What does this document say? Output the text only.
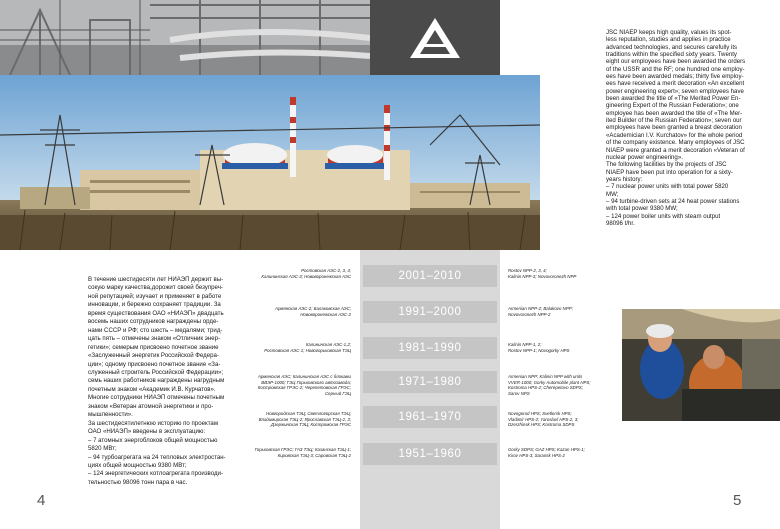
В течение шестидесяти лет НИАЭП держит вы-
сокую марку качества,дорожит своей безупреч-
ной репутацией; изучает и применяет в работе
инновации, и бережно сохраняет традиции. За
время существования ОАО «НИАЭП» двадцать
восемь наших сотрудников награждены орде-
нами СССР и РФ; сто шесть – медалями; трид-
цать пять – отмечены знаком «Отличник энер-
гетики»; семерым присвоено почетное звание
«Заслуженный энергетик Российской Федера-
ции»; одному присвоено почетное звание «За-
служенный строитель Российской Федерации»;
семь наших работников награждены нагрудным
почетным знаком «Академик И.В. Курчатов».
Многие сотрудники НИАЭП отмечены почетным
знаком «Ветеран атомной энергетики и про-
мышленности».
За шестидесятилетнюю историю по проектам
ОАО «НИАЭП» введены в эксплуатацию:
– 7 атомных энергоблоков общей мощностью
5820 МВт;
– 94 турбоагрегата на 24 тепловых электростан-
циях общей мощностью 9380 МВт;
– 124 энергетических котлоагрегата производи-
тельностью 98096 тонн пара в час.
JSC NIAEP keeps high quality, values its spot-
less reputation, studies and applies in practice
advanced technologies, and secures carefully its
traditions within the specified sixty years. Twenty
eight our employees have been awarded the orders
of the USSR and the RF; one hundred one employ-
ees have been awarded medals; thirty five employ-
ees have received a merit decoration «An excellent
power engineering expert»; seven employees have
been awarded the title of «The Merited Power En-
gineering Expert of the Russian Federation»; one
employee has been awarded the title of «The Mer-
ited Builder of the Russian Federation»; seven our
employees have been granted a breast decoration
«Academician I.V. Kurchatov» for the whole period
of the company existence. Many employees of JSC
NIAEP were granted a merit decoration «Veteran of
nuclear power engineering».
The following facilities by the projects of JSC
NIAEP have been put into operation for a sixty-
years history:
– 7 nuclear power units with total power 5820
MW;
– 94 turbine-driven sets at 24 heat power stations
with total power 9380 MW;
– 124 power boiler units with steam output
98096 t/hr.
2001–2010
Ростовская АЭС-2, 3, 4;
Калининская АЭС-3; Нововоронежская АЭС
Rostov NPP-2, 3, 4;
Kalinin NPP-3; Novovoronezh NPP
1991–2000
Армянская АЭС-2; Балаковская АЭС;
Нововоронежская АЭС-2
Armenian NPP-2; Balakovo NPP;
Novovoronezh NPP-2
1981–1990
Калининская АЭС-1,2;
Ростовская АЭС-1; Новогорьковская ТЭЦ
Kalinin NPP-1, 2;
Rostov NPP-1; Novogorky HPS
1971–1980
Армянская АЭС; Калининская АЭС с блоками
ВВЭР-1000; ГЭЦ Горьковского автозавода;
Костромская ГРЭС-2; Черепетовская ГРЭС;
Серный ГЭЦ
Armenian NPP; Kalinin NPP with units
VVER-1000; Gorky Automobile plant HPS;
Kostroma HPS-2; Cherepetovo SDPS;
Sarov NPS
1961–1970
Новгородская ТЭЦ; Светлогорская ТЭЦ;
Владимирская ТЭЦ-2; Ярославская ТЭЦ-2, 3;
Дзержинская ТЭЦ; Костромская ГРЭС
Novogorod HPS; Svetlorsk HPS;
Vladimir HPS-2; Yaroslavl HPS-2, 3;
Dzerzhinsk HPS; Kostroma SDPS
1951–1960
Горьковская ГРЭС; ГАЗ ТЭЦ; Казанская ТЭЦ-1;
Кировская ТЭЦ-3; Саровская ТЭЦ-2
Gorky SDPS; GAZ HPS; Kazan HPS-1;
Kirov HPS-3; Saransk HPS-2
4	5
